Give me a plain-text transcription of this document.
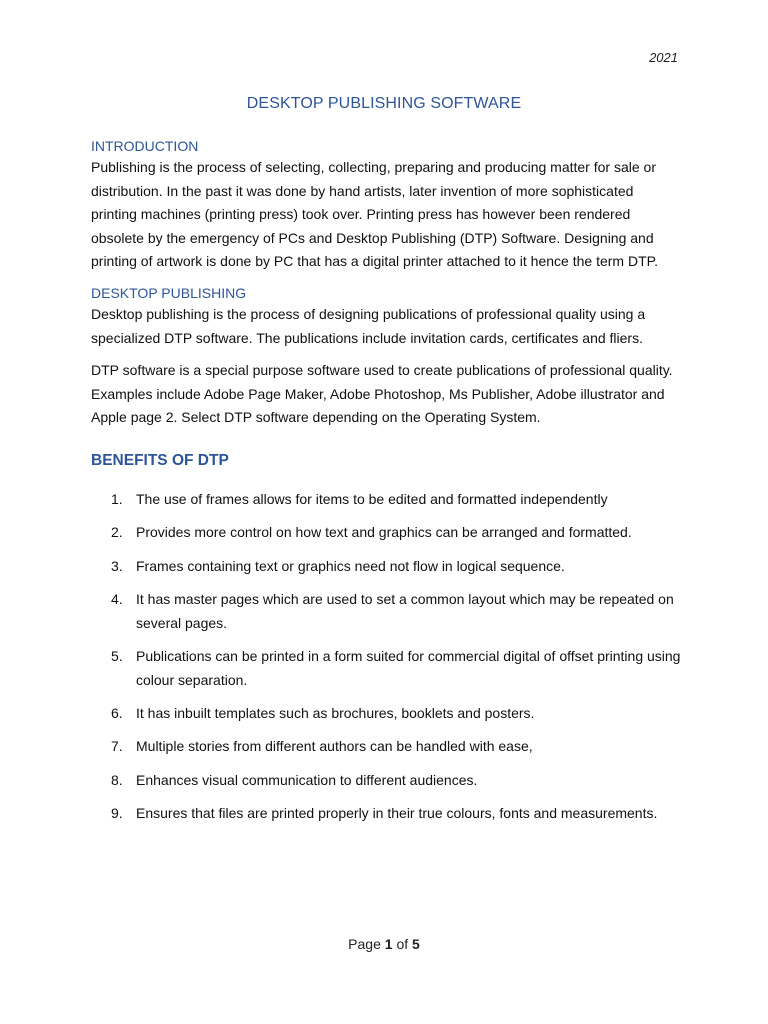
2021
DESKTOP PUBLISHING SOFTWARE

INTRODUCTION

Publishing is the process of selecting, collecting, preparing and producing matter for sale or distribution. In the past it was done by hand artists, later invention of more sophisticated printing machines (printing press) took over. Printing press has however been rendered obsolete by the emergency of PCs and Desktop Publishing (DTP) Software. Designing and printing of artwork is done by PC that has a digital printer attached to it hence the term DTP.

DESKTOP PUBLISHING

Desktop publishing is the process of designing publications of professional quality using a specialized DTP software. The publications include invitation cards, certificates and fliers.

DTP software is a special purpose software used to create publications of professional quality. Examples include Adobe Page Maker, Adobe Photoshop, Ms Publisher, Adobe illustrator and Apple page 2. Select DTP software depending on the Operating System.

BENEFITS OF DTP

1. The use of frames allows for items to be edited and formatted independently
2. Provides more control on how text and graphics can be arranged and formatted.
3. Frames containing text or graphics need not flow in logical sequence.
4. It has master pages which are used to set a common layout which may be repeated on several pages.
5. Publications can be printed in a form suited for commercial digital of offset printing using colour separation.
6. It has inbuilt templates such as brochures, booklets and posters.
7. Multiple stories from different authors can be handled with ease,
8. Enhances visual communication to different audiences.
9. Ensures that files are printed properly in their true colours, fonts and measurements.
Page 1 of 5
